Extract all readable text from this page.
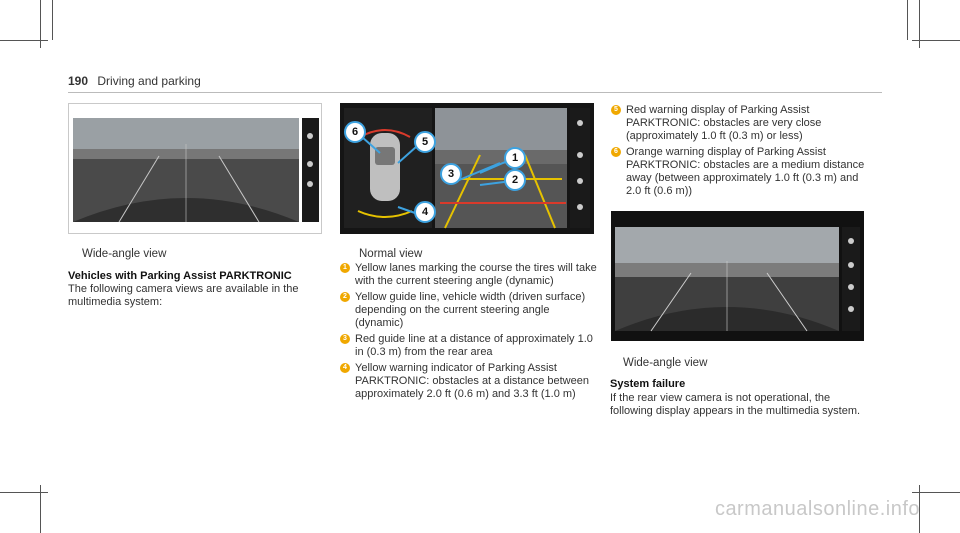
190 Driving and parking
Wide-angle view
Vehicles with Parking Assist PARKTRONIC
The following camera views are available in the multimedia system:
6
5
1
3	2
4
Normal view
1 Yellow lanes marking the course the tires will take with the current steering angle (dynamic)
2 Yellow guide line, vehicle width (driven surface) depending on the current steering angle (dynamic)
3 Red guide line at a distance of approximately 1.0 in (0.3 m) from the rear area
4 Yellow warning indicator of Parking Assist PARKTRONIC: obstacles at a distance between approximately 2.0 ft (0.6 m) and 3.3 ft (1.0 m)
5 Red warning display of Parking Assist PARKTRONIC: obstacles are very close (approximately 1.0 ft (0.3 m) or less)
6 Orange warning display of Parking Assist PARKTRONIC: obstacles are a medium distance away (between approximately 1.0 ft (0.3 m) and 2.0 ft (0.6 m))
Wide-angle view
System failure
If the rear view camera is not operational, the following display appears in the multimedia system.
carmanualsonline.info
